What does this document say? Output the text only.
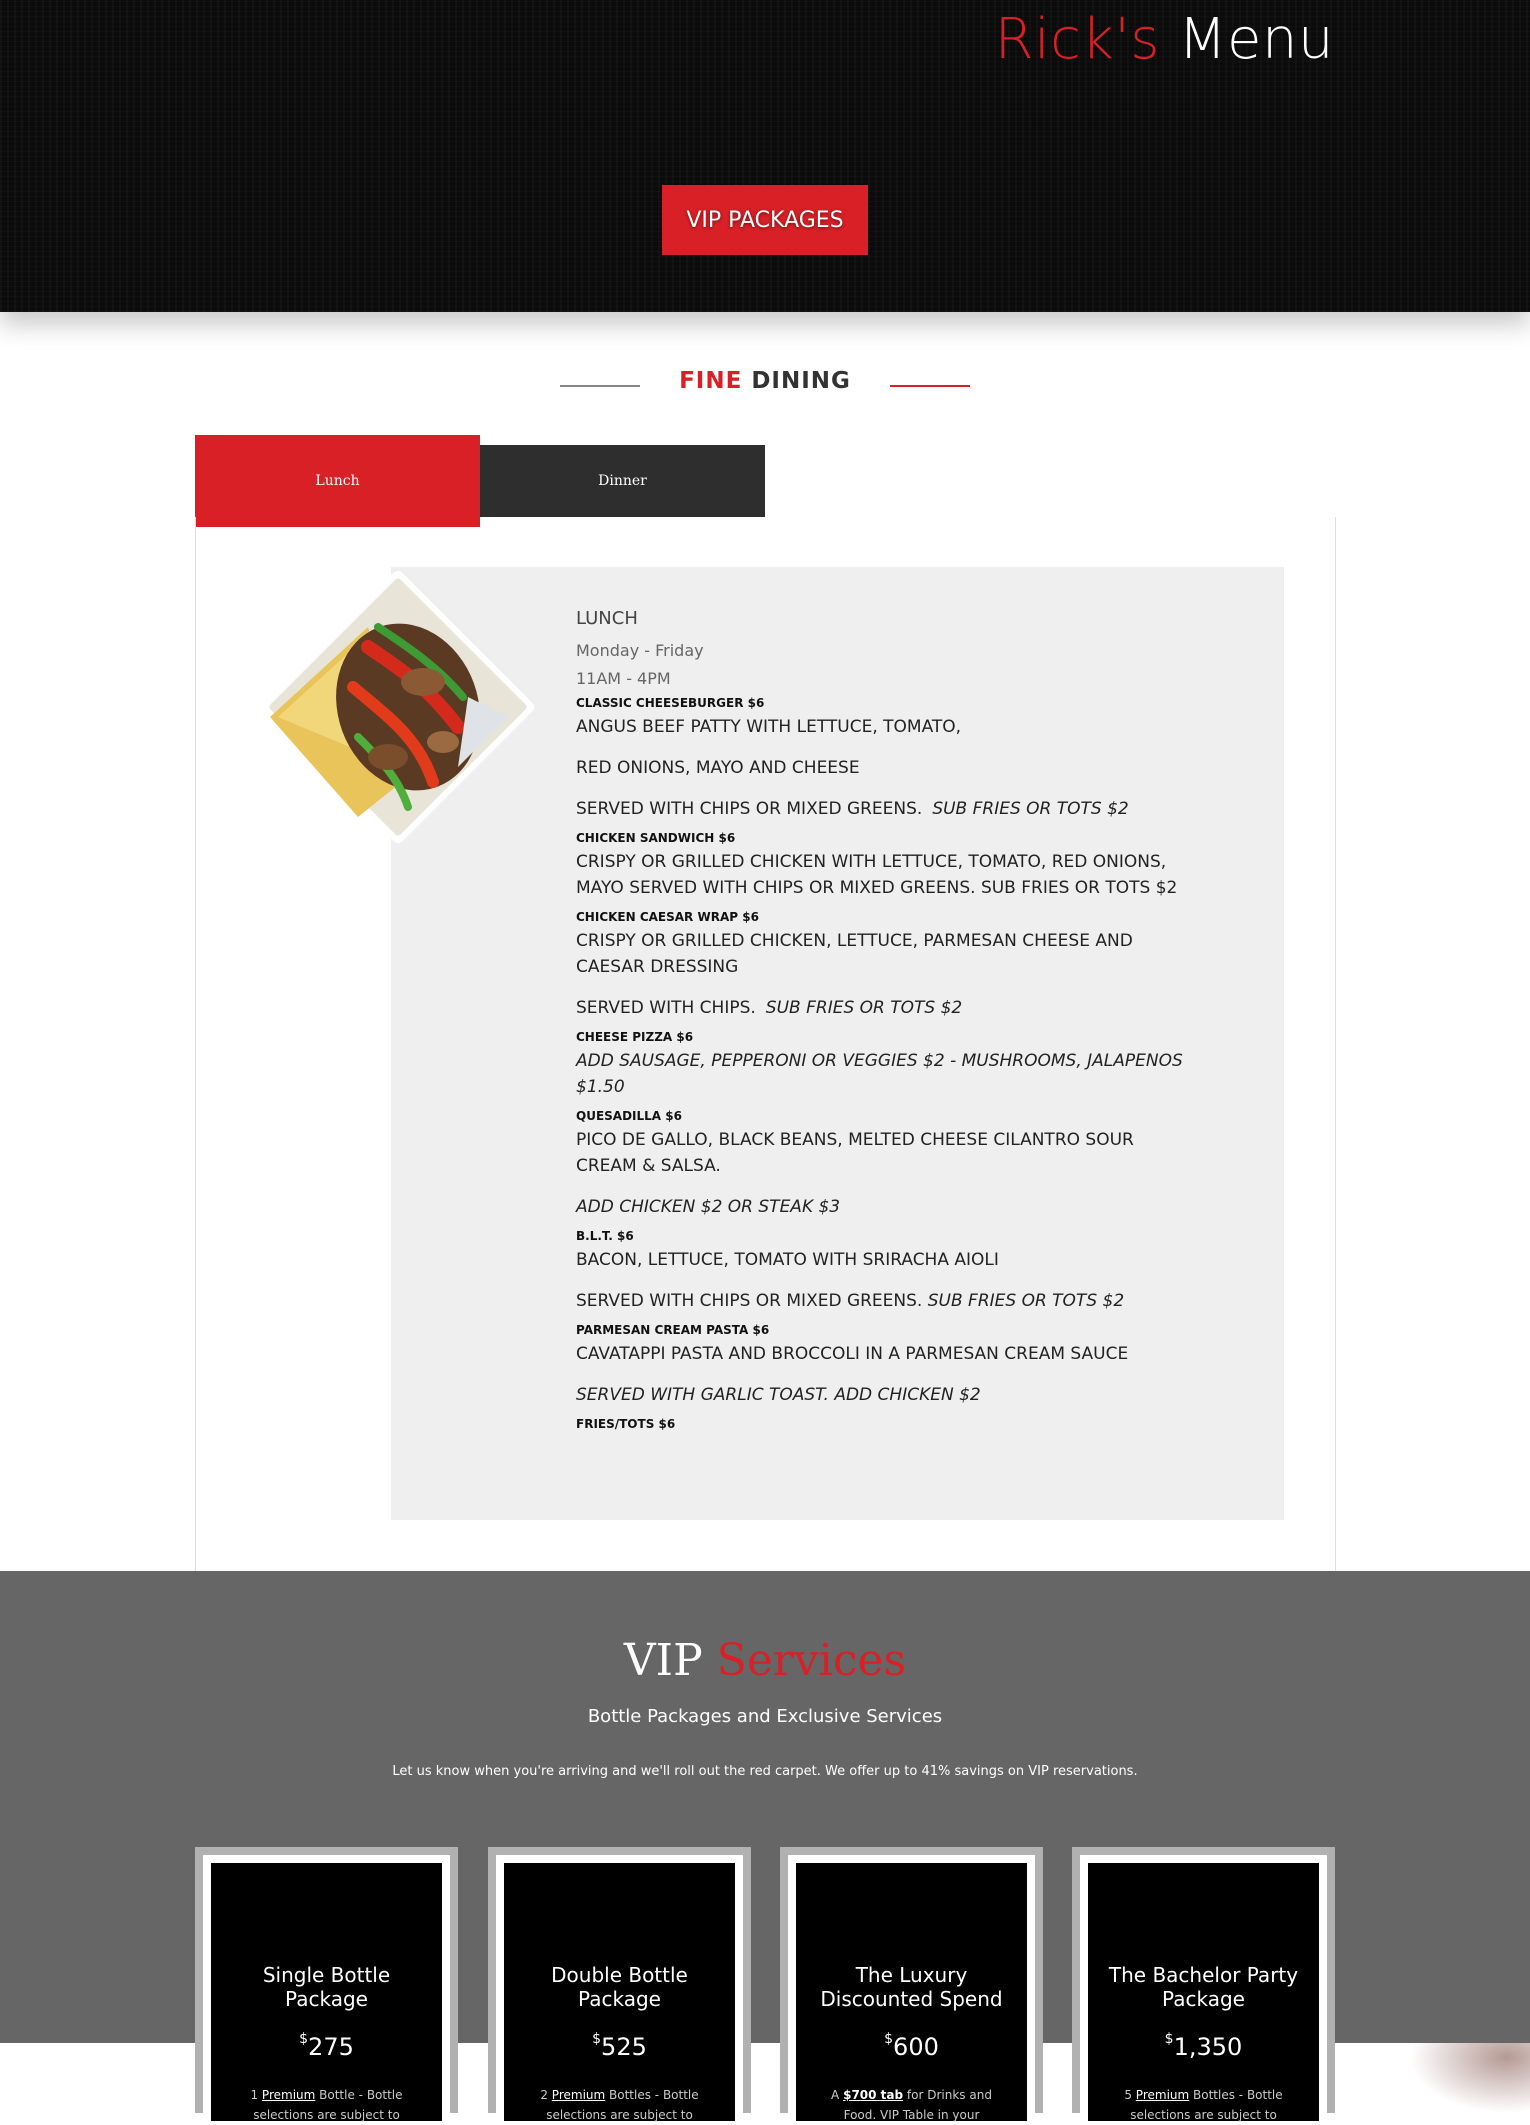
Rick's Menu
VIP PACKAGES
FINE DINING
Lunch	Dinner
LUNCH
Monday - Friday
11AM - 4PM
CLASSIC CHEESEBURGER $6
ANGUS BEEF PATTY WITH LETTUCE, TOMATO,
RED ONIONS, MAYO AND CHEESE
SERVED WITH CHIPS OR MIXED GREENS. SUB FRIES OR TOTS $2
CHICKEN SANDWICH $6
CRISPY OR GRILLED CHICKEN WITH LETTUCE, TOMATO, RED ONIONS, MAYO SERVED WITH CHIPS OR MIXED GREENS. SUB FRIES OR TOTS $2
CHICKEN CAESAR WRAP $6
CRISPY OR GRILLED CHICKEN, LETTUCE, PARMESAN CHEESE AND CAESAR DRESSING
SERVED WITH CHIPS. SUB FRIES OR TOTS $2
CHEESE PIZZA $6
ADD SAUSAGE, PEPPERONI OR VEGGIES $2 - MUSHROOMS, JALAPENOS $1.50
QUESADILLA $6
PICO DE GALLO, BLACK BEANS, MELTED CHEESE CILANTRO SOUR CREAM & SALSA.
ADD CHICKEN $2 OR STEAK $3
B.L.T. $6
BACON, LETTUCE, TOMATO WITH SRIRACHA AIOLI
SERVED WITH CHIPS OR MIXED GREENS. SUB FRIES OR TOTS $2
PARMESAN CREAM PASTA $6
CAVATAPPI PASTA AND BROCCOLI IN A PARMESAN CREAM SAUCE
SERVED WITH GARLIC TOAST. ADD CHICKEN $2
FRIES/TOTS $6
VIP Services
Bottle Packages and Exclusive Services
Let us know when you're arriving and we'll roll out the red carpet. We offer up to 41% savings on VIP reservations.
Single Bottle Package
$275
1 Premium Bottle - Bottle selections are subject to
Double Bottle Package
$525
2 Premium Bottles - Bottle selections are subject to
The Luxury Discounted Spend
$600
A $700 tab for Drinks and Food. VIP Table in your
The Bachelor Party Package
$1,350
5 Premium Bottles - Bottle selections are subject to
